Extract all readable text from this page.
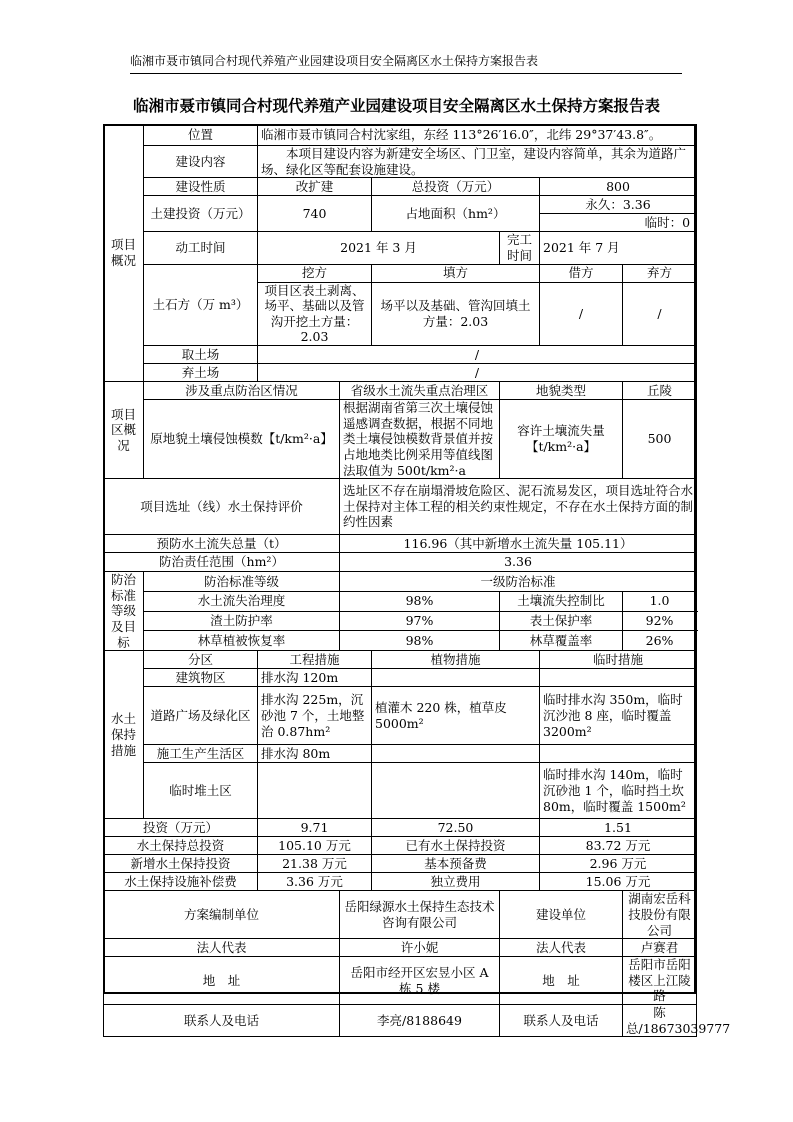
临湘市聂市镇同合村现代养殖产业园建设项目安全隔离区水土保持方案报告表
临湘市聂市镇同合村现代养殖产业园建设项目安全隔离区水土保持方案报告表
项目概况	位置	临湘市聂市镇同合村沈家组，东经 113°26′16.0″，北纬 29°37′43.8″。					
	建设内容	本项目建设内容为新建安全场区、门卫室，建设内容简单，其余为道路广场、绿化区等配套设施建设。					
	建设性质	改扩建		总投资（万元）		800	
	土建投资（万元）	740		占地面积（hm²）		永久：3.36	
						临时：0	
	动工时间	2021 年 3 月			完工时间	2021 年 7 月	
	土石方（万 m³）	挖方		填方		借方	弃方
		项目区表土剥离、场平、基础以及管沟开挖土方量：2.03		场平以及基础、管沟回填土方量：2.03		/	/
	取土场	/					
	弃土场	/					
项目区概况	涉及重点防治区情况		省级水土流失重点治理区		地貌类型		丘陵
	原地貌土壤侵蚀模数【t/km²·a】		根据湖南省第三次土壤侵蚀遥感调查数据，根据不同地类土壤侵蚀模数背景值并按占地地类比例采用等值线图法取值为 500t/km²·a		容许土壤流失量【t/km²·a】		500
项目选址（线）水土保持评价			选址区不存在崩塌滑坡危险区、泥石流易发区，项目选址符合水土保持对主体工程的相关约束性规定，不存在水土保持方面的制约性因素				
预防水土流失总量（t）			116.96（其中新增水土流失量 105.11）				
防治责任范围（hm²）			3.36				
防治标准等级及目标	防治标准等级		一级防治标准				
	水土流失治理度		98%		土壤流失控制比		1.0
	渣土防护率		97%		表土保护率		92%
	林草植被恢复率		98%		林草覆盖率		26%
水土保持措施	分区	工程措施		植物措施		临时措施	
	建筑物区	排水沟 120m					
	道路广场及绿化区	排水沟 225m，沉砂池 7 个，土地整治 0.87hm²		植灌木 220 株，植草皮 5000m²		临时排水沟 350m，临时沉沙池 8 座，临时覆盖 3200m²	
	施工生产生活区	排水沟 80m					
	临时堆土区					临时排水沟 140m，临时沉砂池 1 个，临时挡土坎 80m，临时覆盖 1500m²	
投资（万元）		9.71		72.50		1.51	
水土保持总投资		105.10 万元		已有水土保持投资		83.72 万元	
新增水土保持投资		21.38 万元		基本预备费		2.96 万元	
水土保持设施补偿费		3.36 万元		独立费用		15.06 万元	
方案编制单位			岳阳绿源水土保持生态技术咨询有限公司		建设单位		湖南宏岳科技股份有限公司
法人代表			许小妮		法人代表		卢赛君
地　址			岳阳市经开区宏昱小区 A 栋 5 楼		地　址		岳阳市岳阳楼区上江陵路
联系人及电话			李亮/8188649		联系人及电话		陈总/18673039777
